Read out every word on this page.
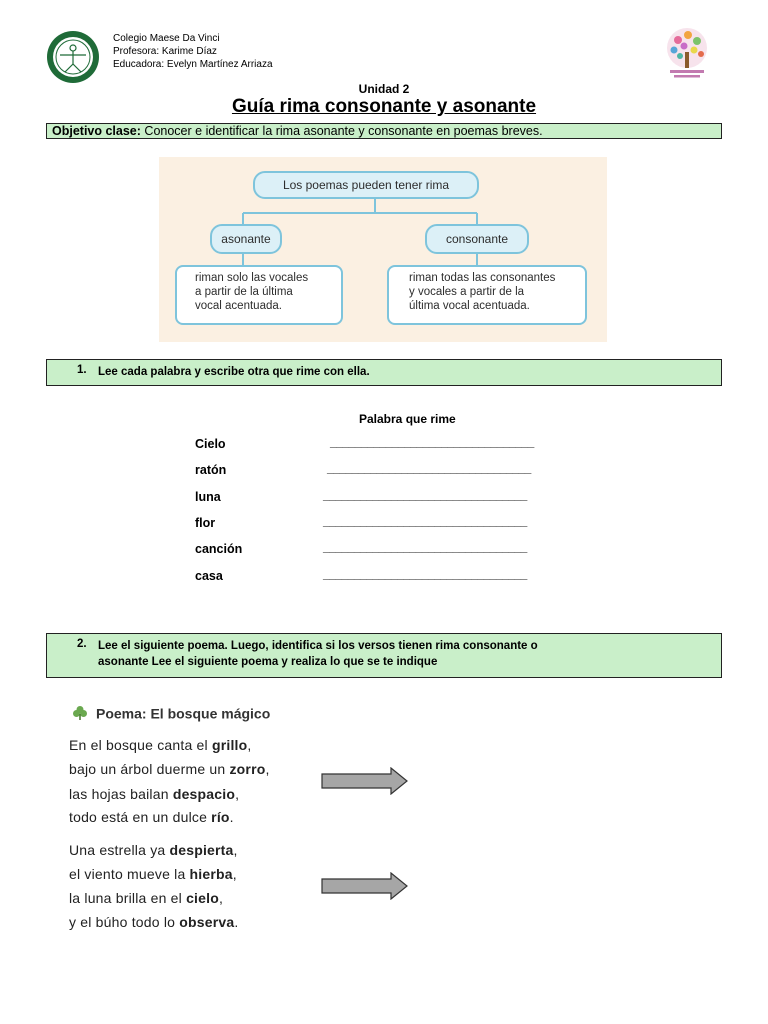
Colegio Maese Da Vinci
Profesora: Karime Díaz
Educadora: Evelyn Martínez Arriaza
Unidad 2
Guía rima consonante y asonante
Objetivo clase: Conocer e identificar la rima asonante y consonante en poemas breves.
Los poemas pueden tener rima
asonante	consonante
riman solo las vocales
a partir de la última
vocal acentuada.
riman todas las consonantes
y vocales a partir de la
última vocal acentuada.
1. Lee cada palabra y escribe otra que rime con ella.
Palabra que rime
Cielo	_________________________________
ratón	_________________________________
luna	_________________________________
flor	_________________________________
canción	_________________________________
casa	_________________________________
2. Lee el siguiente poema. Luego, identifica si los versos tienen rima consonante o
asonante Lee el siguiente poema y realiza lo que se te indique
Poema: El bosque mágico
En el bosque canta el grillo,
bajo un árbol duerme un zorro,
las hojas bailan despacio,
todo está en un dulce río.
Una estrella ya despierta,
el viento mueve la hierba,
la luna brilla en el cielo,
y el búho todo lo observa.
